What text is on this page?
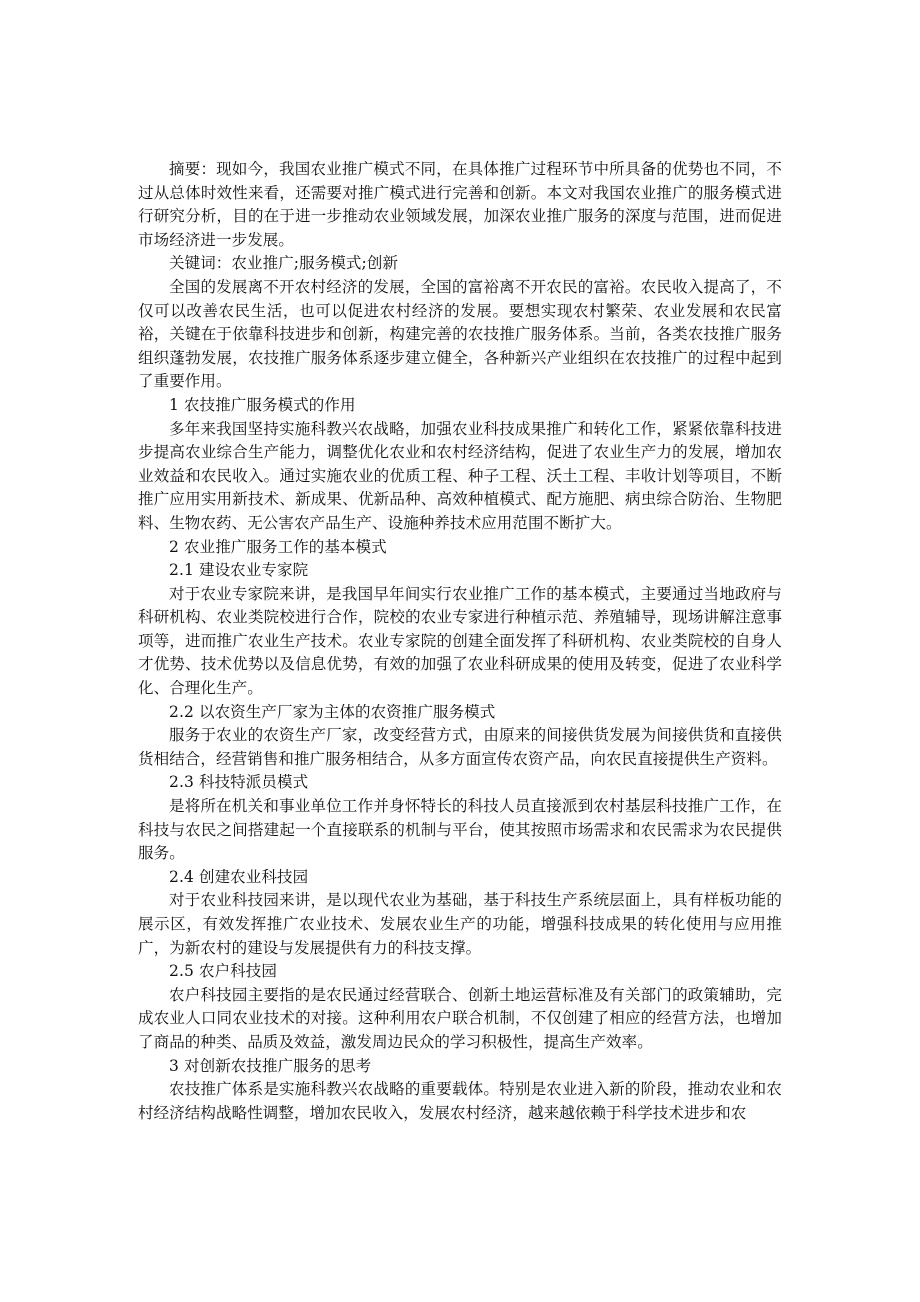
摘要：现如今，我国农业推广模式不同，在具体推广过程环节中所具备的优势也不同，不过从总体时效性来看，还需要对推广模式进行完善和创新。本文对我国农业推广的服务模式进行研究分析，目的在于进一步推动农业领域发展，加深农业推广服务的深度与范围，进而促进市场经济进一步发展。

关键词：农业推广;服务模式;创新

全国的发展离不开农村经济的发展，全国的富裕离不开农民的富裕。农民收入提高了，不仅可以改善农民生活，也可以促进农村经济的发展。要想实现农村繁荣、农业发展和农民富裕，关键在于依靠科技进步和创新，构建完善的农技推广服务体系。当前，各类农技推广服务组织蓬勃发展，农技推广服务体系逐步建立健全，各种新兴产业组织在农技推广的过程中起到了重要作用。

1 农技推广服务模式的作用

多年来我国坚持实施科教兴农战略，加强农业科技成果推广和转化工作，紧紧依靠科技进步提高农业综合生产能力，调整优化农业和农村经济结构，促进了农业生产力的发展，增加农业效益和农民收入。通过实施农业的优质工程、种子工程、沃土工程、丰收计划等项目，不断推广应用实用新技术、新成果、优新品种、高效种植模式、配方施肥、病虫综合防治、生物肥料、生物农药、无公害农产品生产、设施种养技术应用范围不断扩大。

2 农业推广服务工作的基本模式

2.1 建设农业专家院

对于农业专家院来讲，是我国早年间实行农业推广工作的基本模式，主要通过当地政府与科研机构、农业类院校进行合作，院校的农业专家进行种植示范、养殖辅导，现场讲解注意事项等，进而推广农业生产技术。农业专家院的创建全面发挥了科研机构、农业类院校的自身人才优势、技术优势以及信息优势，有效的加强了农业科研成果的使用及转变，促进了农业科学化、合理化生产。

2.2 以农资生产厂家为主体的农资推广服务模式

服务于农业的农资生产厂家，改变经营方式，由原来的间接供货发展为间接供货和直接供货相结合，经营销售和推广服务相结合，从多方面宣传农资产品，向农民直接提供生产资料。

2.3 科技特派员模式

是将所在机关和事业单位工作并身怀特长的科技人员直接派到农村基层科技推广工作，在科技与农民之间搭建起一个直接联系的机制与平台，使其按照市场需求和农民需求为农民提供服务。

2.4 创建农业科技园

对于农业科技园来讲，是以现代农业为基础，基于科技生产系统层面上，具有样板功能的展示区，有效发挥推广农业技术、发展农业生产的功能，增强科技成果的转化使用与应用推广，为新农村的建设与发展提供有力的科技支撑。

2.5 农户科技园

农户科技园主要指的是农民通过经营联合、创新土地运营标准及有关部门的政策辅助，完成农业人口同农业技术的对接。这种利用农户联合机制，不仅创建了相应的经营方法，也增加了商品的种类、品质及效益，激发周边民众的学习积极性，提高生产效率。

3 对创新农技推广服务的思考

农技推广体系是实施科教兴农战略的重要载体。特别是农业进入新的阶段，推动农业和农村经济结构战略性调整，增加农民收入，发展农村经济，越来越依赖于科学技术进步和农
